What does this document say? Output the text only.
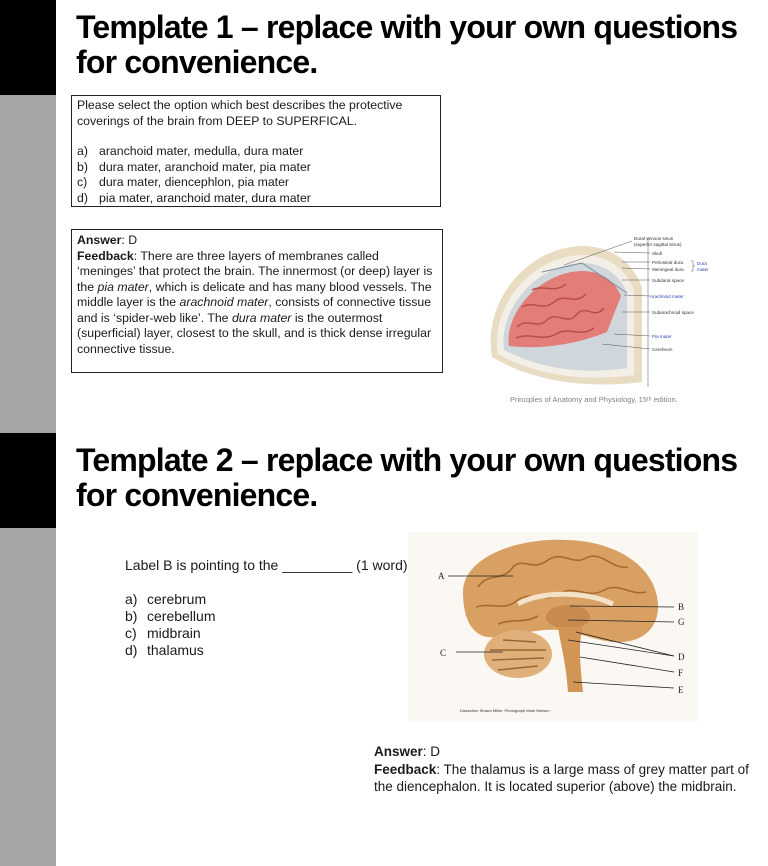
Template 1 – replace with your own questions for convenience.

Please select the option which best describes the protective coverings of the brain from DEEP to SUPERFICAL.

a) aranchoid mater, medulla, dura mater
b) dura mater, aranchoid mater, pia mater
c) dura mater, diencephlon, pia mater
d) pia mater, aranchoid mater, dura mater

Answer: D

Feedback: There are three layers of membranes called ‘meninges’ that protect the brain. The innermost (or deep) layer is the pia mater, which is delicate and has many blood vessels. The middle layer is the arachnoid mater, consists of connective tissue and is ‘spider-web like’. The dura mater is the outermost (superficial) layer, closest to the skull, and is thick dense irregular connective tissue.

Dural venous sinus
(superior sagittal sinus)
Skull
Periosteal dura
Meningeal dura
Dura
mater
Subdural space
Arachnoid mater
Subarachnoid space
Pia mater
Cerebrum
Principles of Anatomy and Physiology, 15ᵗʰ edition.
Template 2 – replace with your own questions for convenience.

Label B is pointing to the _________ (1 word)

a) cerebrum
b) cerebellum
c) midbrain
d) thalamus
A
B
G
C	D
F
E
Dissection Shawn Miller, Photograph Mark Nielsen

Answer: D

Feedback: The thalamus is a large mass of grey matter part of the diencephalon. It is located superior (above) the midbrain.
